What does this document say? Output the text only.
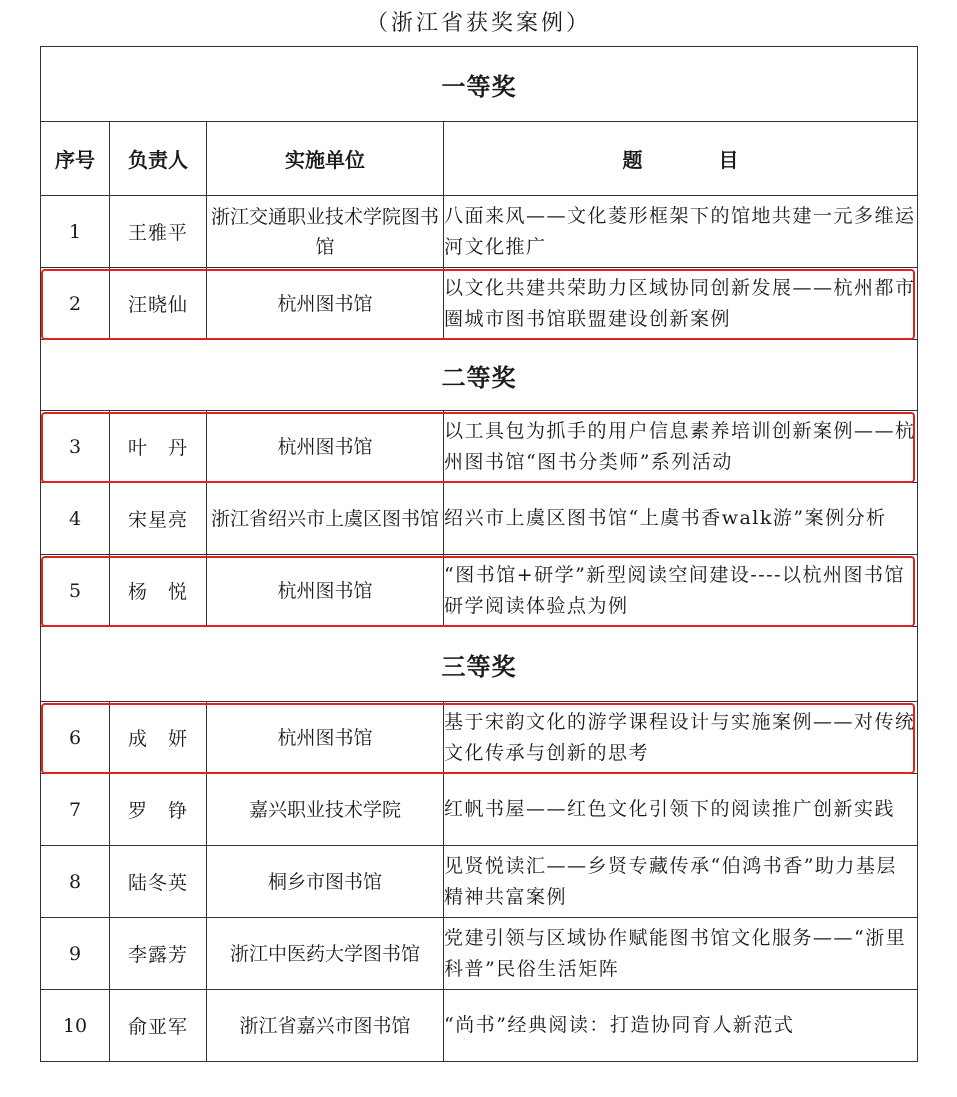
（浙江省获奖案例）
一等奖			
序号	负责人	实施单位	题　目
1	王雅平	浙江交通职业技术学院图书馆	八面来风——文化菱形框架下的馆地共建一元多维运河文化推广
2	汪晓仙	杭州图书馆	以文化共建共荣助力区域协同创新发展——杭州都市圈城市图书馆联盟建设创新案例
二等奖			
3	叶　丹	杭州图书馆	以工具包为抓手的用户信息素养培训创新案例——杭州图书馆“图书分类师”系列活动
4	宋星亮	浙江省绍兴市上虞区图书馆	绍兴市上虞区图书馆“上虞书香walk游”案例分析
5	杨　悦	杭州图书馆	“图书馆+研学”新型阅读空间建设----以杭州图书馆研学阅读体验点为例
三等奖			
6	成　妍	杭州图书馆	基于宋韵文化的游学课程设计与实施案例——对传统文化传承与创新的思考
7	罗　铮	嘉兴职业技术学院	红帆书屋——红色文化引领下的阅读推广创新实践
8	陆冬英	桐乡市图书馆	见贤悦读汇——乡贤专藏传承“伯鸿书香”助力基层精神共富案例
9	李露芳	浙江中医药大学图书馆	党建引领与区域协作赋能图书馆文化服务——“浙里科普”民俗生活矩阵
10	俞亚军	浙江省嘉兴市图书馆	“尚书”经典阅读：打造协同育人新范式
